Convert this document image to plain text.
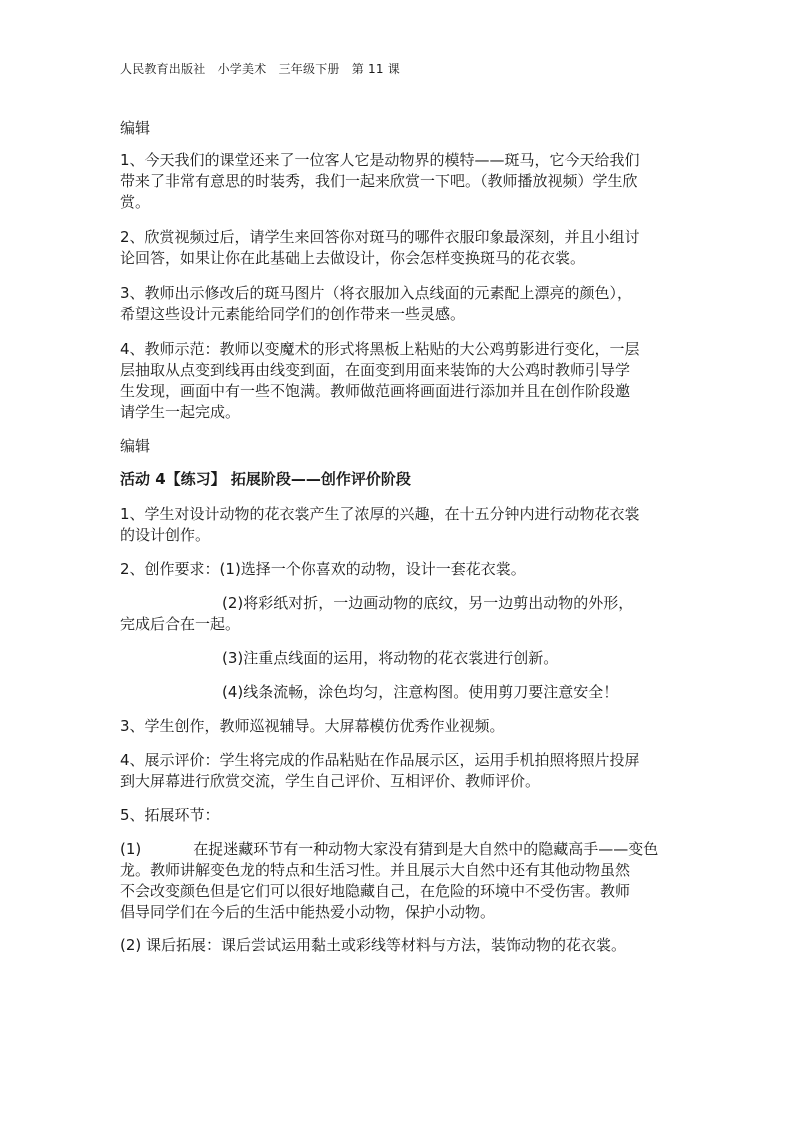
人民教育出版社　小学美术　三年级下册　第 11 课
编辑
1、今天我们的课堂还来了一位客人它是动物界的模特——斑马，它今天给我们
带来了非常有意思的时装秀，我们一起来欣赏一下吧。（教师播放视频）学生欣
赏。
2、欣赏视频过后，请学生来回答你对斑马的哪件衣服印象最深刻，并且小组讨
论回答，如果让你在此基础上去做设计，你会怎样变换斑马的花衣裳。
3、教师出示修改后的斑马图片（将衣服加入点线面的元素配上漂亮的颜色），
希望这些设计元素能给同学们的创作带来一些灵感。
4、教师示范：教师以变魔术的形式将黑板上粘贴的大公鸡剪影进行变化，一层
层抽取从点变到线再由线变到面，在面变到用面来装饰的大公鸡时教师引导学
生发现，画面中有一些不饱满。教师做范画将画面进行添加并且在创作阶段邀
请学生一起完成。
编辑
活动 4【练习】 拓展阶段——创作评价阶段
1、学生对设计动物的花衣裳产生了浓厚的兴趣，在十五分钟内进行动物花衣裳
的设计创作。
2、创作要求：(1)选择一个你喜欢的动物，设计一套花衣裳。
(2)将彩纸对折，一边画动物的底纹，另一边剪出动物的外形，
完成后合在一起。
(3)注重点线面的运用，将动物的花衣裳进行创新。
(4)线条流畅，涂色均匀，注意构图。使用剪刀要注意安全！
3、学生创作，教师巡视辅导。大屏幕模仿优秀作业视频。
4、展示评价：学生将完成的作品粘贴在作品展示区，运用手机拍照将照片投屏
到大屏幕进行欣赏交流，学生自己评价、互相评价、教师评价。
5、拓展环节：
(1)	在捉迷藏环节有一种动物大家没有猜到是大自然中的隐藏高手——变色
龙。教师讲解变色龙的特点和生活习性。并且展示大自然中还有其他动物虽然
不会改变颜色但是它们可以很好地隐藏自己，在危险的环境中不受伤害。教师
倡导同学们在今后的生活中能热爱小动物，保护小动物。
(2) 课后拓展：课后尝试运用黏土或彩线等材料与方法，装饰动物的花衣裳。
